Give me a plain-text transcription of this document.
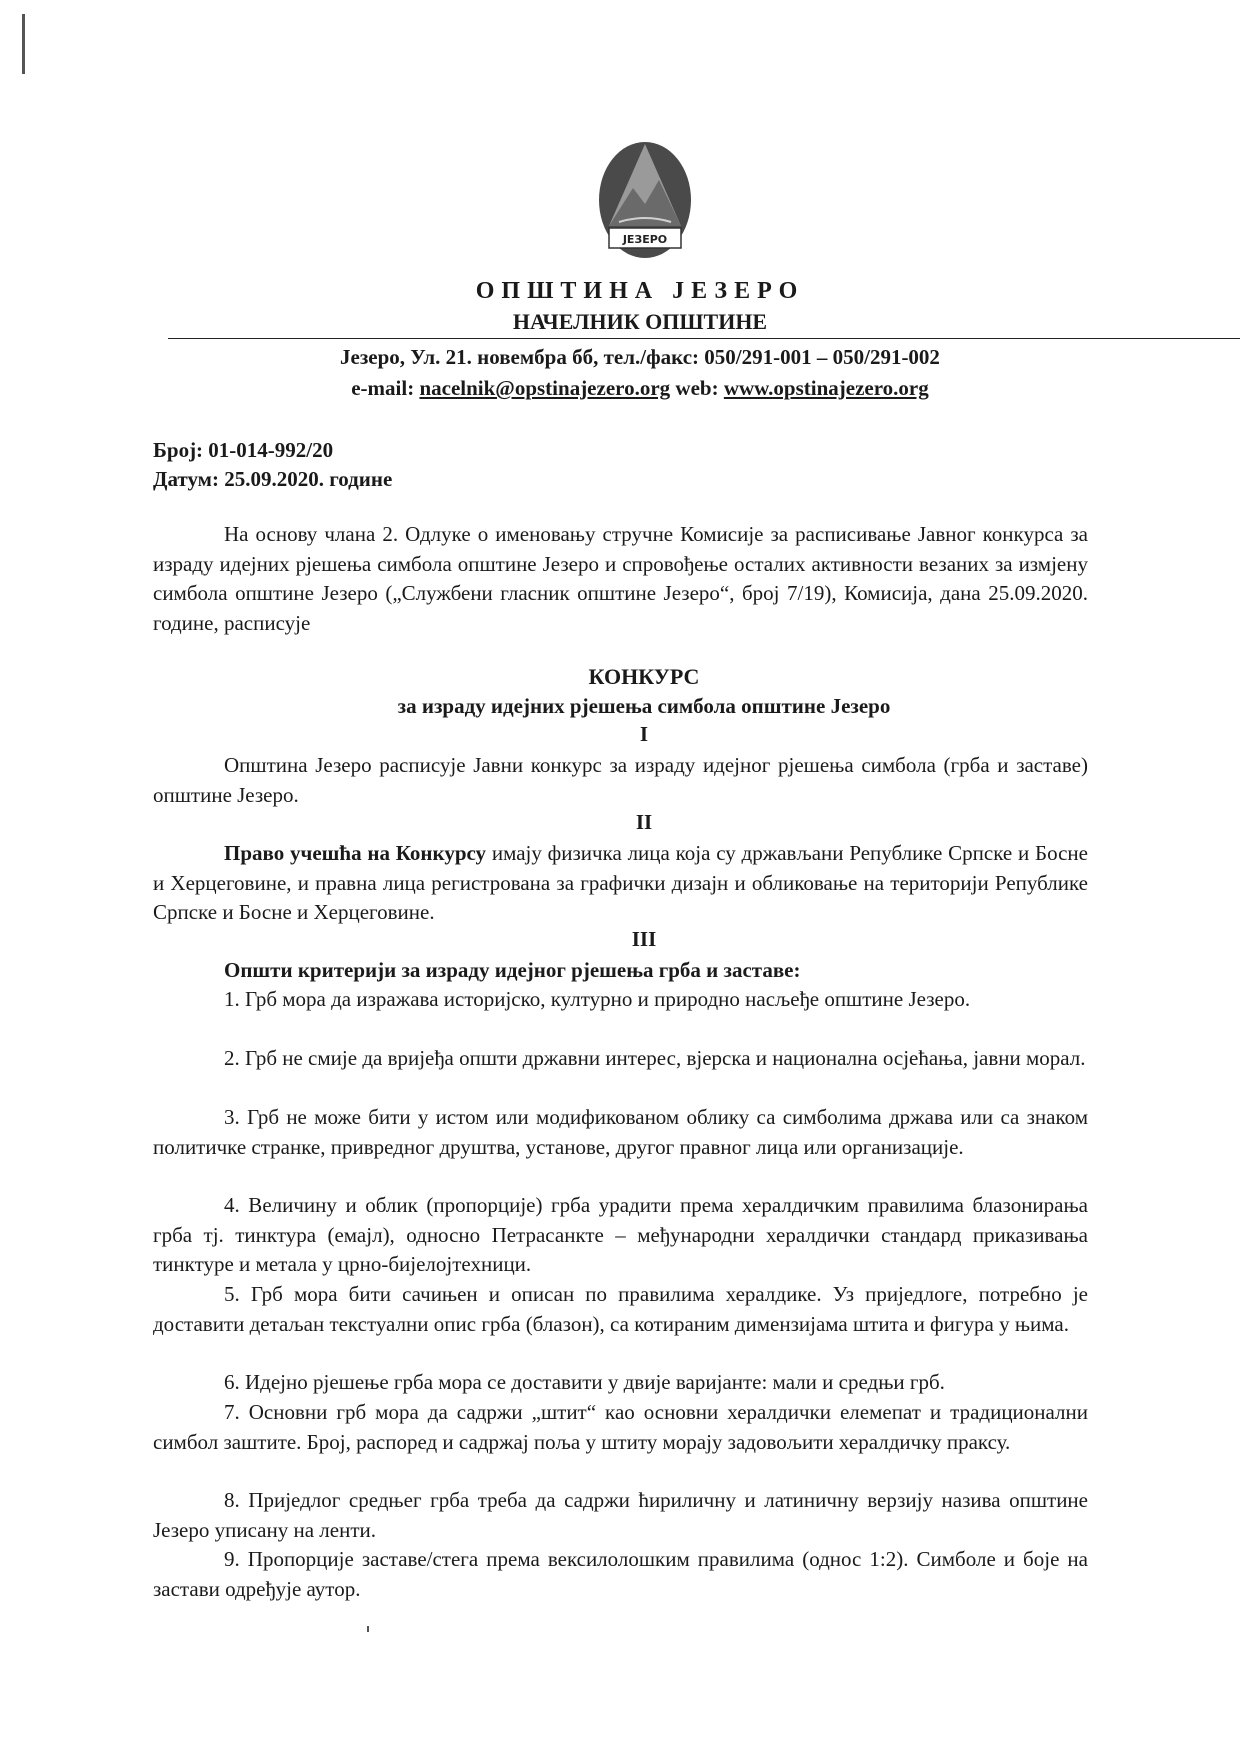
ЈЕЗЕРО
ОПШТИНА ЈЕЗЕРО
НАЧЕЛНИК ОПШТИНЕ
Језеро, Ул. 21. новембра бб, тел./факс: 050/291-001 – 050/291-002
e-mail: nacelnik@opstinajezero.org web: www.opstinajezero.org
Број: 01-014-992/20
Датум: 25.09.2020. године
На основу члана 2. Одлуке о именовању стручне Комисије за расписивање Јавног конкурса за израду идејних рјешења симбола општине Језеро и спровођење осталих активности везаних за измјену симбола општине Језеро („Службени гласник општине Језеро“, број 7/19), Комисија, дана 25.09.2020. године, расписује
КОНКУРС
за израду идејних рјешења симбола општине Језеро
I
Општина Језеро расписује Јавни конкурс за израду идејног рјешења симбола (грба и заставе) општине Језеро.
II
Право учешћа на Конкурсу имају физичка лица која су држављани Републике Српске и Босне и Херцеговине, и правна лица регистрована за графички дизајн и обликовање на територији Републике Српске и Босне и Херцеговине.
III
Општи критерији за израду идејног рјешења грба и заставе:
1. Грб мора да изражава историјско, културно и природно насљеђе општине Језеро.
2. Грб не смије да вријеђа општи државни интерес, вјерска и национална осјећања, јавни морал.
3. Грб не може бити у истом или модификованом облику са симболима држава или са знаком политичке странке, привредног друштва, установе, другог правног лица или организације.
4. Величину и облик (пропорције) грба урадити према хералдичким правилима блазонирања грба тј. тинктура (емајл), односно Петрасанкте – међународни хералдички стандард приказивања тинктуре и метала у црно-бијелојтехници.
5. Грб мора бити сачињен и описан по правилима хералдике. Уз приједлоге, потребно је доставити детаљан текстуални опис грба (блазон), са котираним димензијама штита и фигура у њима.
6. Идејно рјешење грба мора се доставити у двије варијанте: мали и средњи грб.
7. Основни грб мора да садржи „штит“ као основни хералдички елемепат и традиционални симбол заштите. Број, распоред и садржај поља у штиту морају задовољити хералдичку праксу.
8. Приједлог средњег грба треба да садржи ћириличну и латиничну верзију назива општине Језеро уписану на ленти.
9. Пропорције заставе/стега према вексилолошким правилима (однос 1:2). Симболе и боје на застави одређује аутор.
